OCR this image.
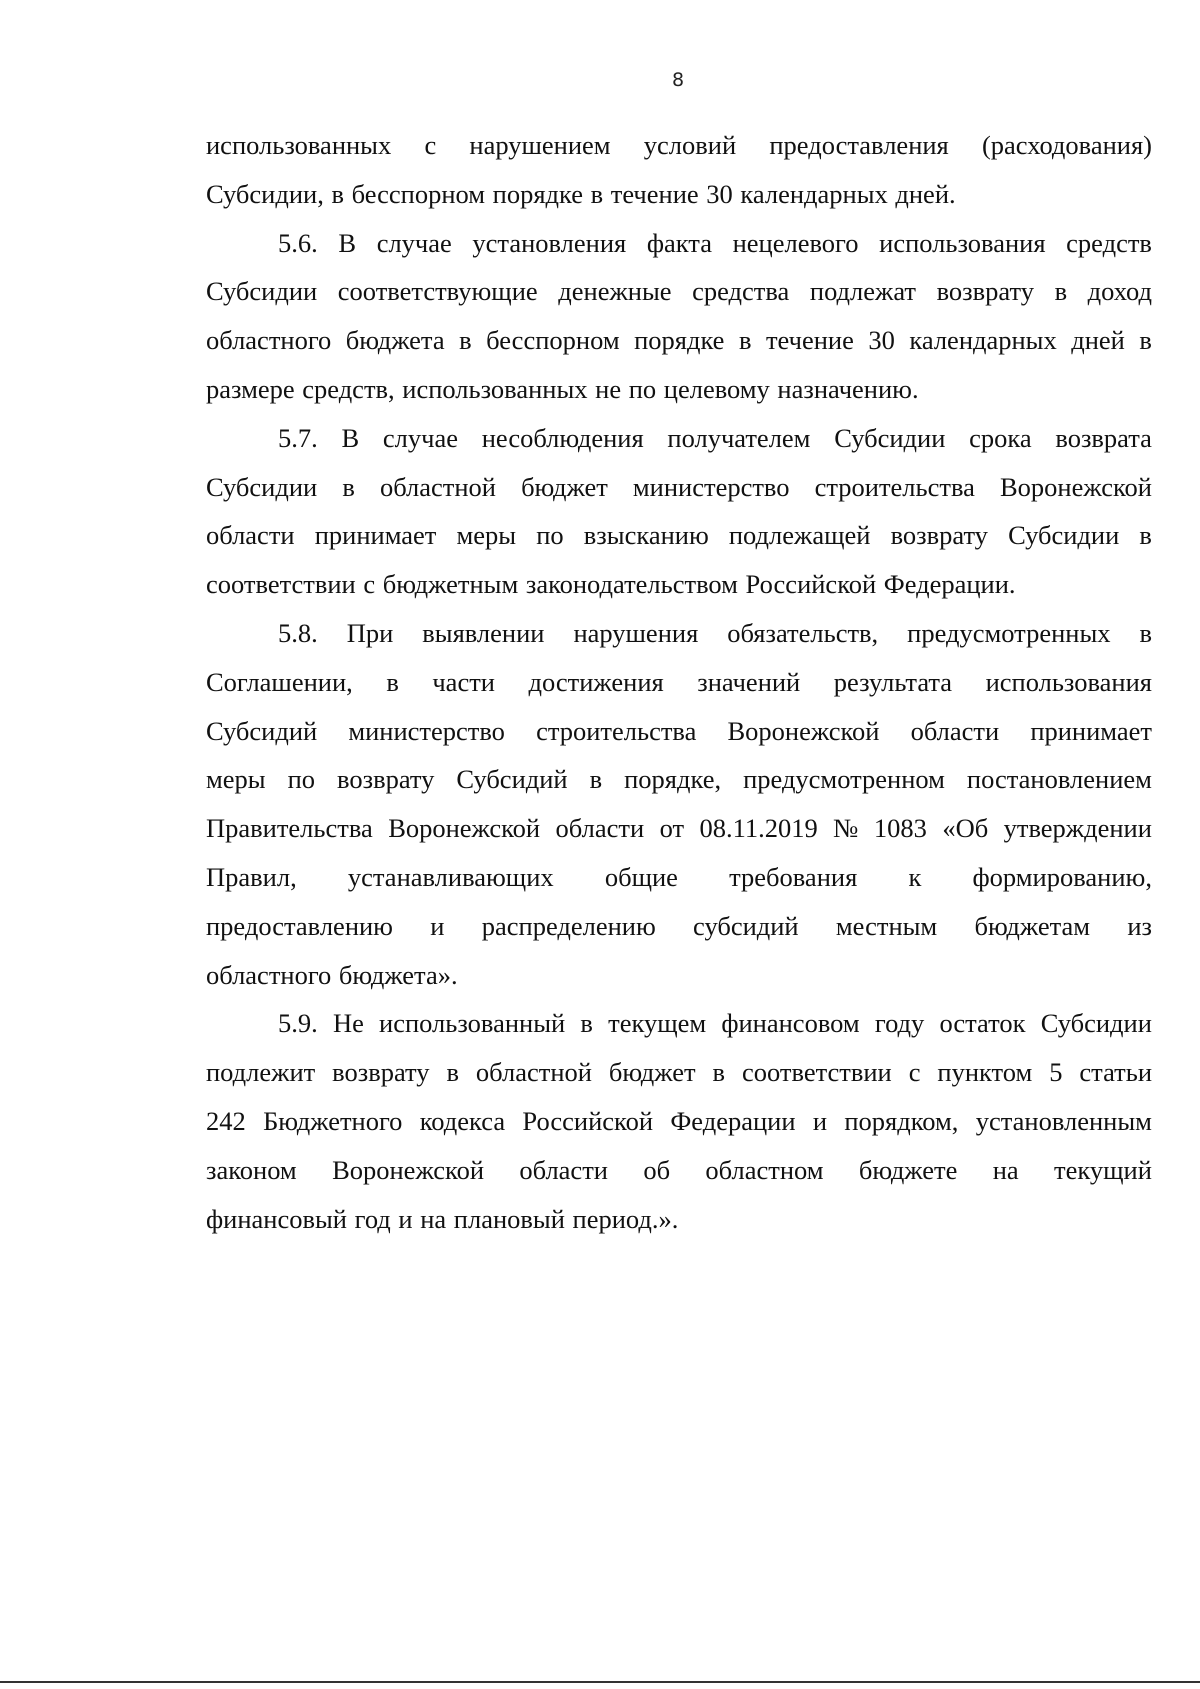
8
использованных с нарушением условий предоставления (расходования)
Субсидии, в бесспорном порядке в течение 30 календарных дней.
5.6. В случае установления факта нецелевого использования средств
Субсидии соответствующие денежные средства подлежат возврату в доход
областного бюджета в бесспорном порядке в течение 30 календарных дней в
размере средств, использованных не по целевому назначению.
5.7. В случае несоблюдения получателем Субсидии срока возврата
Субсидии в областной бюджет министерство строительства Воронежской
области принимает меры по взысканию подлежащей возврату Субсидии в
соответствии с бюджетным законодательством Российской Федерации.
5.8. При выявлении нарушения обязательств, предусмотренных в
Соглашении, в части достижения значений результата использования
Субсидий министерство строительства Воронежской области принимает
меры по возврату Субсидий в порядке, предусмотренном постановлением
Правительства Воронежской области от 08.11.2019 № 1083 «Об утверждении
Правил, устанавливающих общие требования к формированию,
предоставлению и распределению субсидий местным бюджетам из
областного бюджета».
5.9. Не использованный в текущем финансовом году остаток Субсидии
подлежит возврату в областной бюджет в соответствии с пунктом 5 статьи
242 Бюджетного кодекса Российской Федерации и порядком, установленным
законом Воронежской области об областном бюджете на текущий
финансовый год и на плановый период.».
